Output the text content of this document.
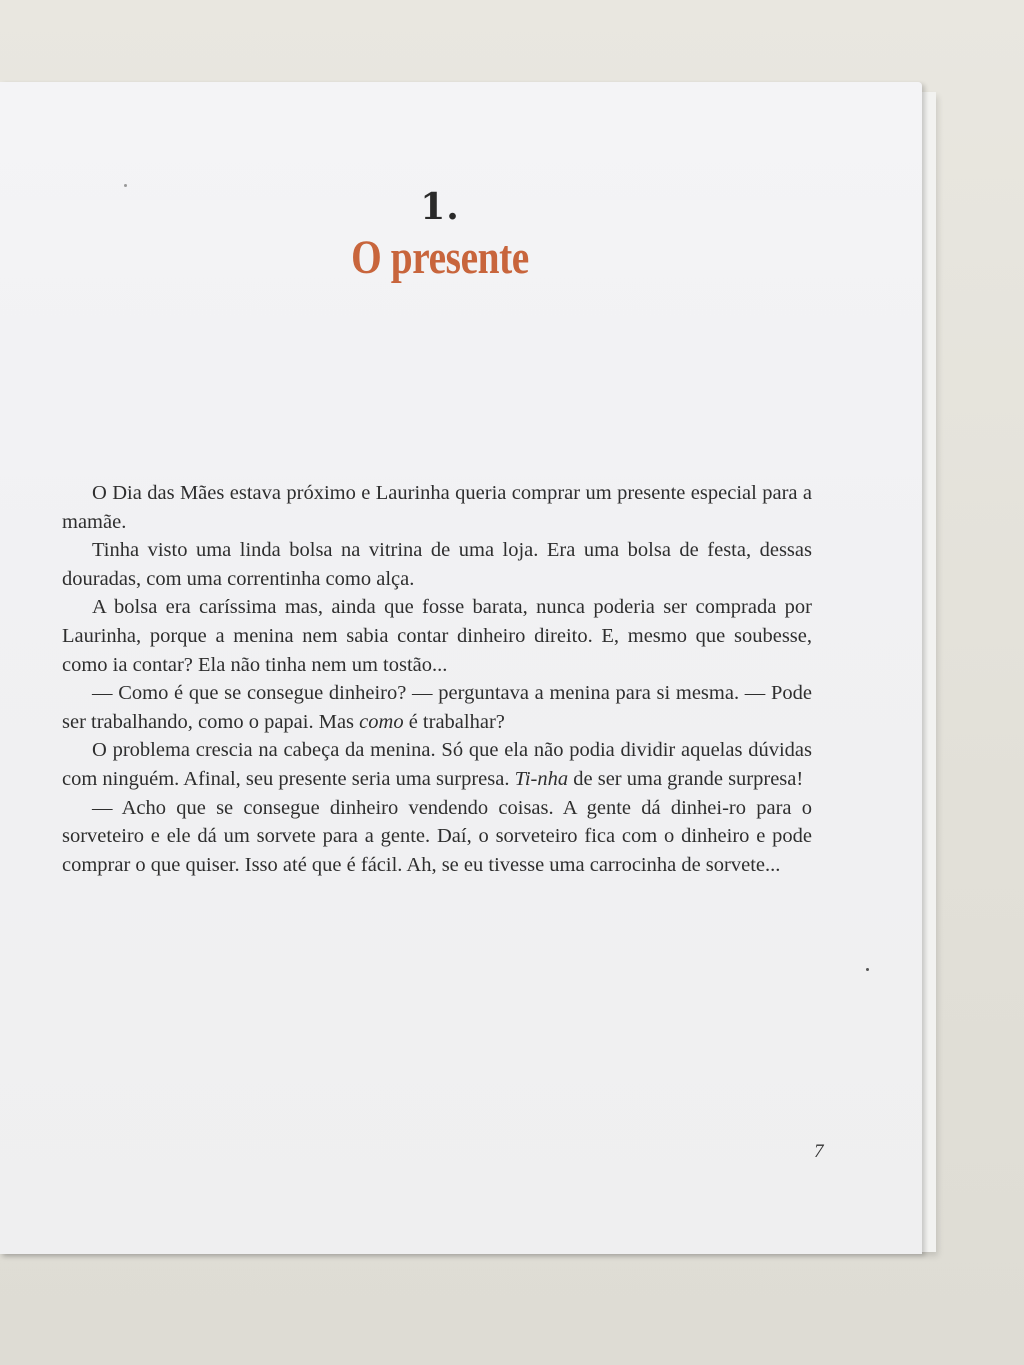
1.
O presente

O Dia das Mães estava próximo e Laurinha queria comprar um presente especial para a mamãe.

Tinha visto uma linda bolsa na vitrina de uma loja. Era uma bolsa de festa, dessas douradas, com uma correntinha como alça.

A bolsa era caríssima mas, ainda que fosse barata, nunca poderia ser comprada por Laurinha, porque a menina nem sabia contar dinheiro direito. E, mesmo que soubesse, como ia contar? Ela não tinha nem um tostão...

— Como é que se consegue dinheiro? — perguntava a menina para si mesma. — Pode ser trabalhando, como o papai. Mas como é trabalhar?

O problema crescia na cabeça da menina. Só que ela não podia dividir aquelas dúvidas com ninguém. Afinal, seu presente seria uma surpresa. Ti-nha de ser uma grande surpresa!

— Acho que se consegue dinheiro vendendo coisas. A gente dá dinhei-ro para o sorveteiro e ele dá um sorvete para a gente. Daí, o sorveteiro fica com o dinheiro e pode comprar o que quiser. Isso até que é fácil. Ah, se eu tivesse uma carrocinha de sorvete...

7
